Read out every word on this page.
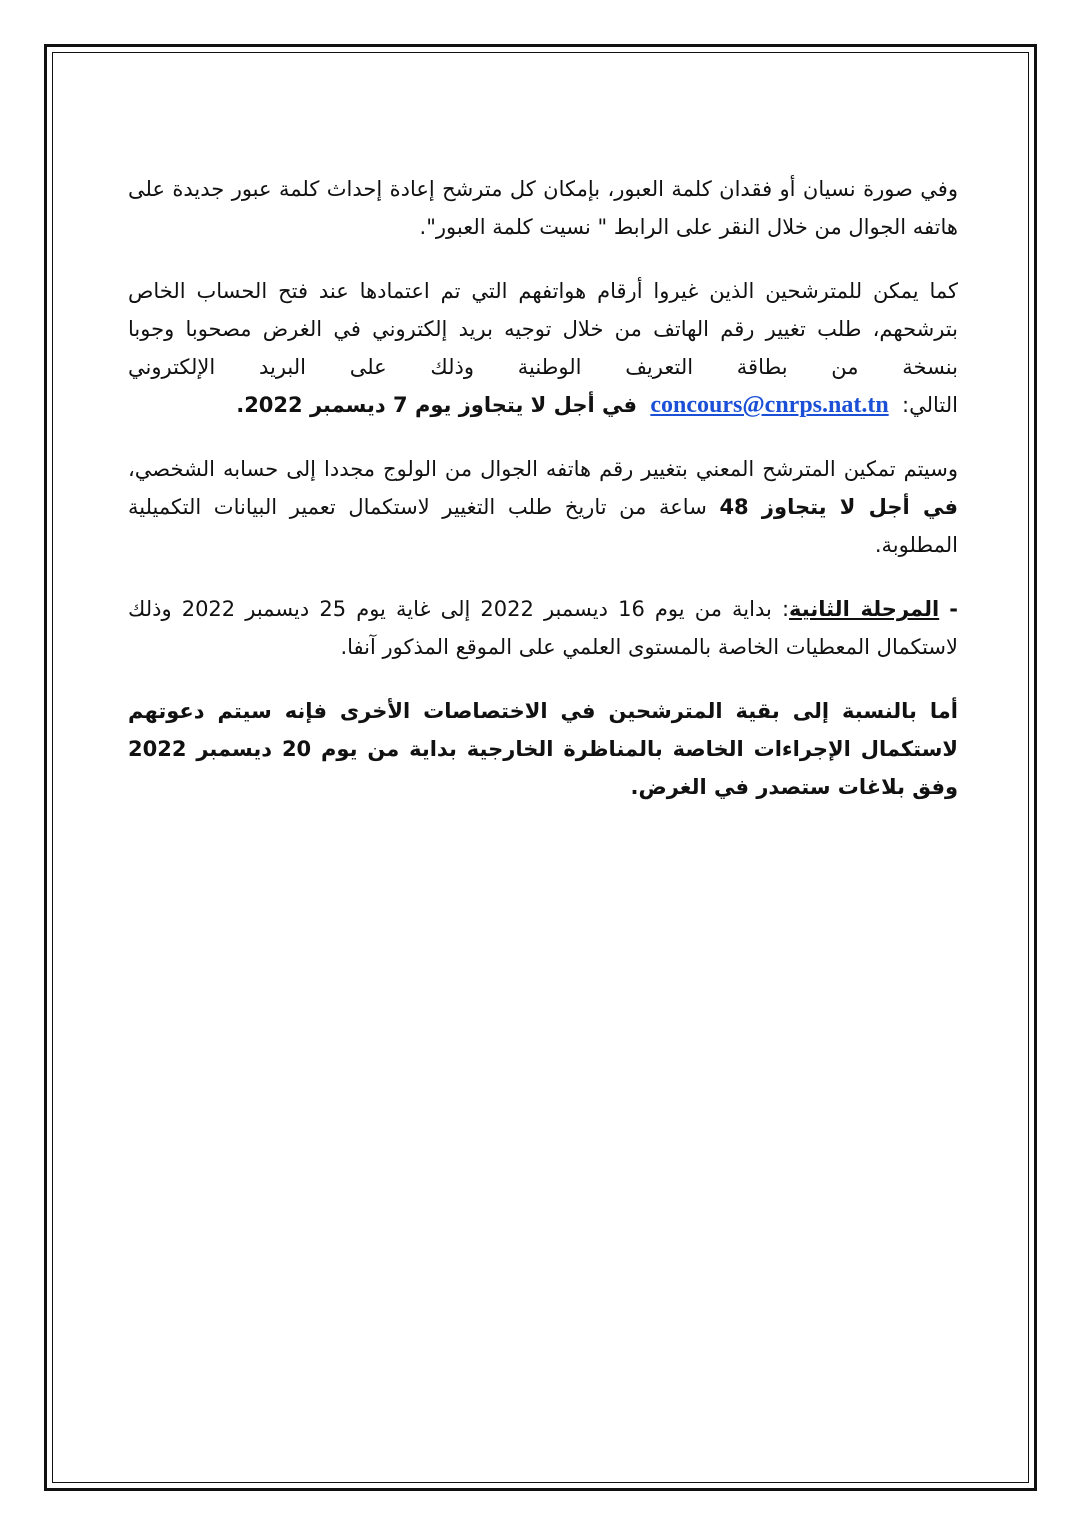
وفي صورة نسيان أو فقدان كلمة العبور، بإمكان كل مترشح إعادة إحداث كلمة عبور جديدة على هاتفه الجوال من خلال النقر على الرابط " نسيت كلمة العبور".

كما يمكن للمترشحين الذين غيروا أرقام هواتفهم التي تم اعتمادها عند فتح الحساب الخاص بترشحهم، طلب تغيير رقم الهاتف من خلال توجيه بريد إلكتروني في الغرض مصحوبا وجوبا بنسخة من بطاقة التعريف الوطنية وذلك على البريد الإلكتروني التالي:  concours@cnrps.nat.tn  في أجل لا يتجاوز يوم 7 ديسمبر 2022.

وسيتم تمكين المترشح المعني بتغيير رقم هاتفه الجوال من الولوج مجددا إلى حسابه الشخصي، في أجل لا يتجاوز 48 ساعة من تاريخ طلب التغيير لاستكمال تعمير البيانات التكميلية المطلوبة.

- المرحلة الثانية: بداية من يوم 16 ديسمبر 2022 إلى غاية يوم 25 ديسمبر 2022 وذلك لاستكمال المعطيات الخاصة بالمستوى العلمي على الموقع المذكور آنفا.

أما بالنسبة إلى بقية المترشحين في الاختصاصات الأخرى فإنه سيتم دعوتهم لاستكمال الإجراءات الخاصة بالمناظرة الخارجية بداية من يوم 20 ديسمبر 2022 وفق بلاغات ستصدر في الغرض.
